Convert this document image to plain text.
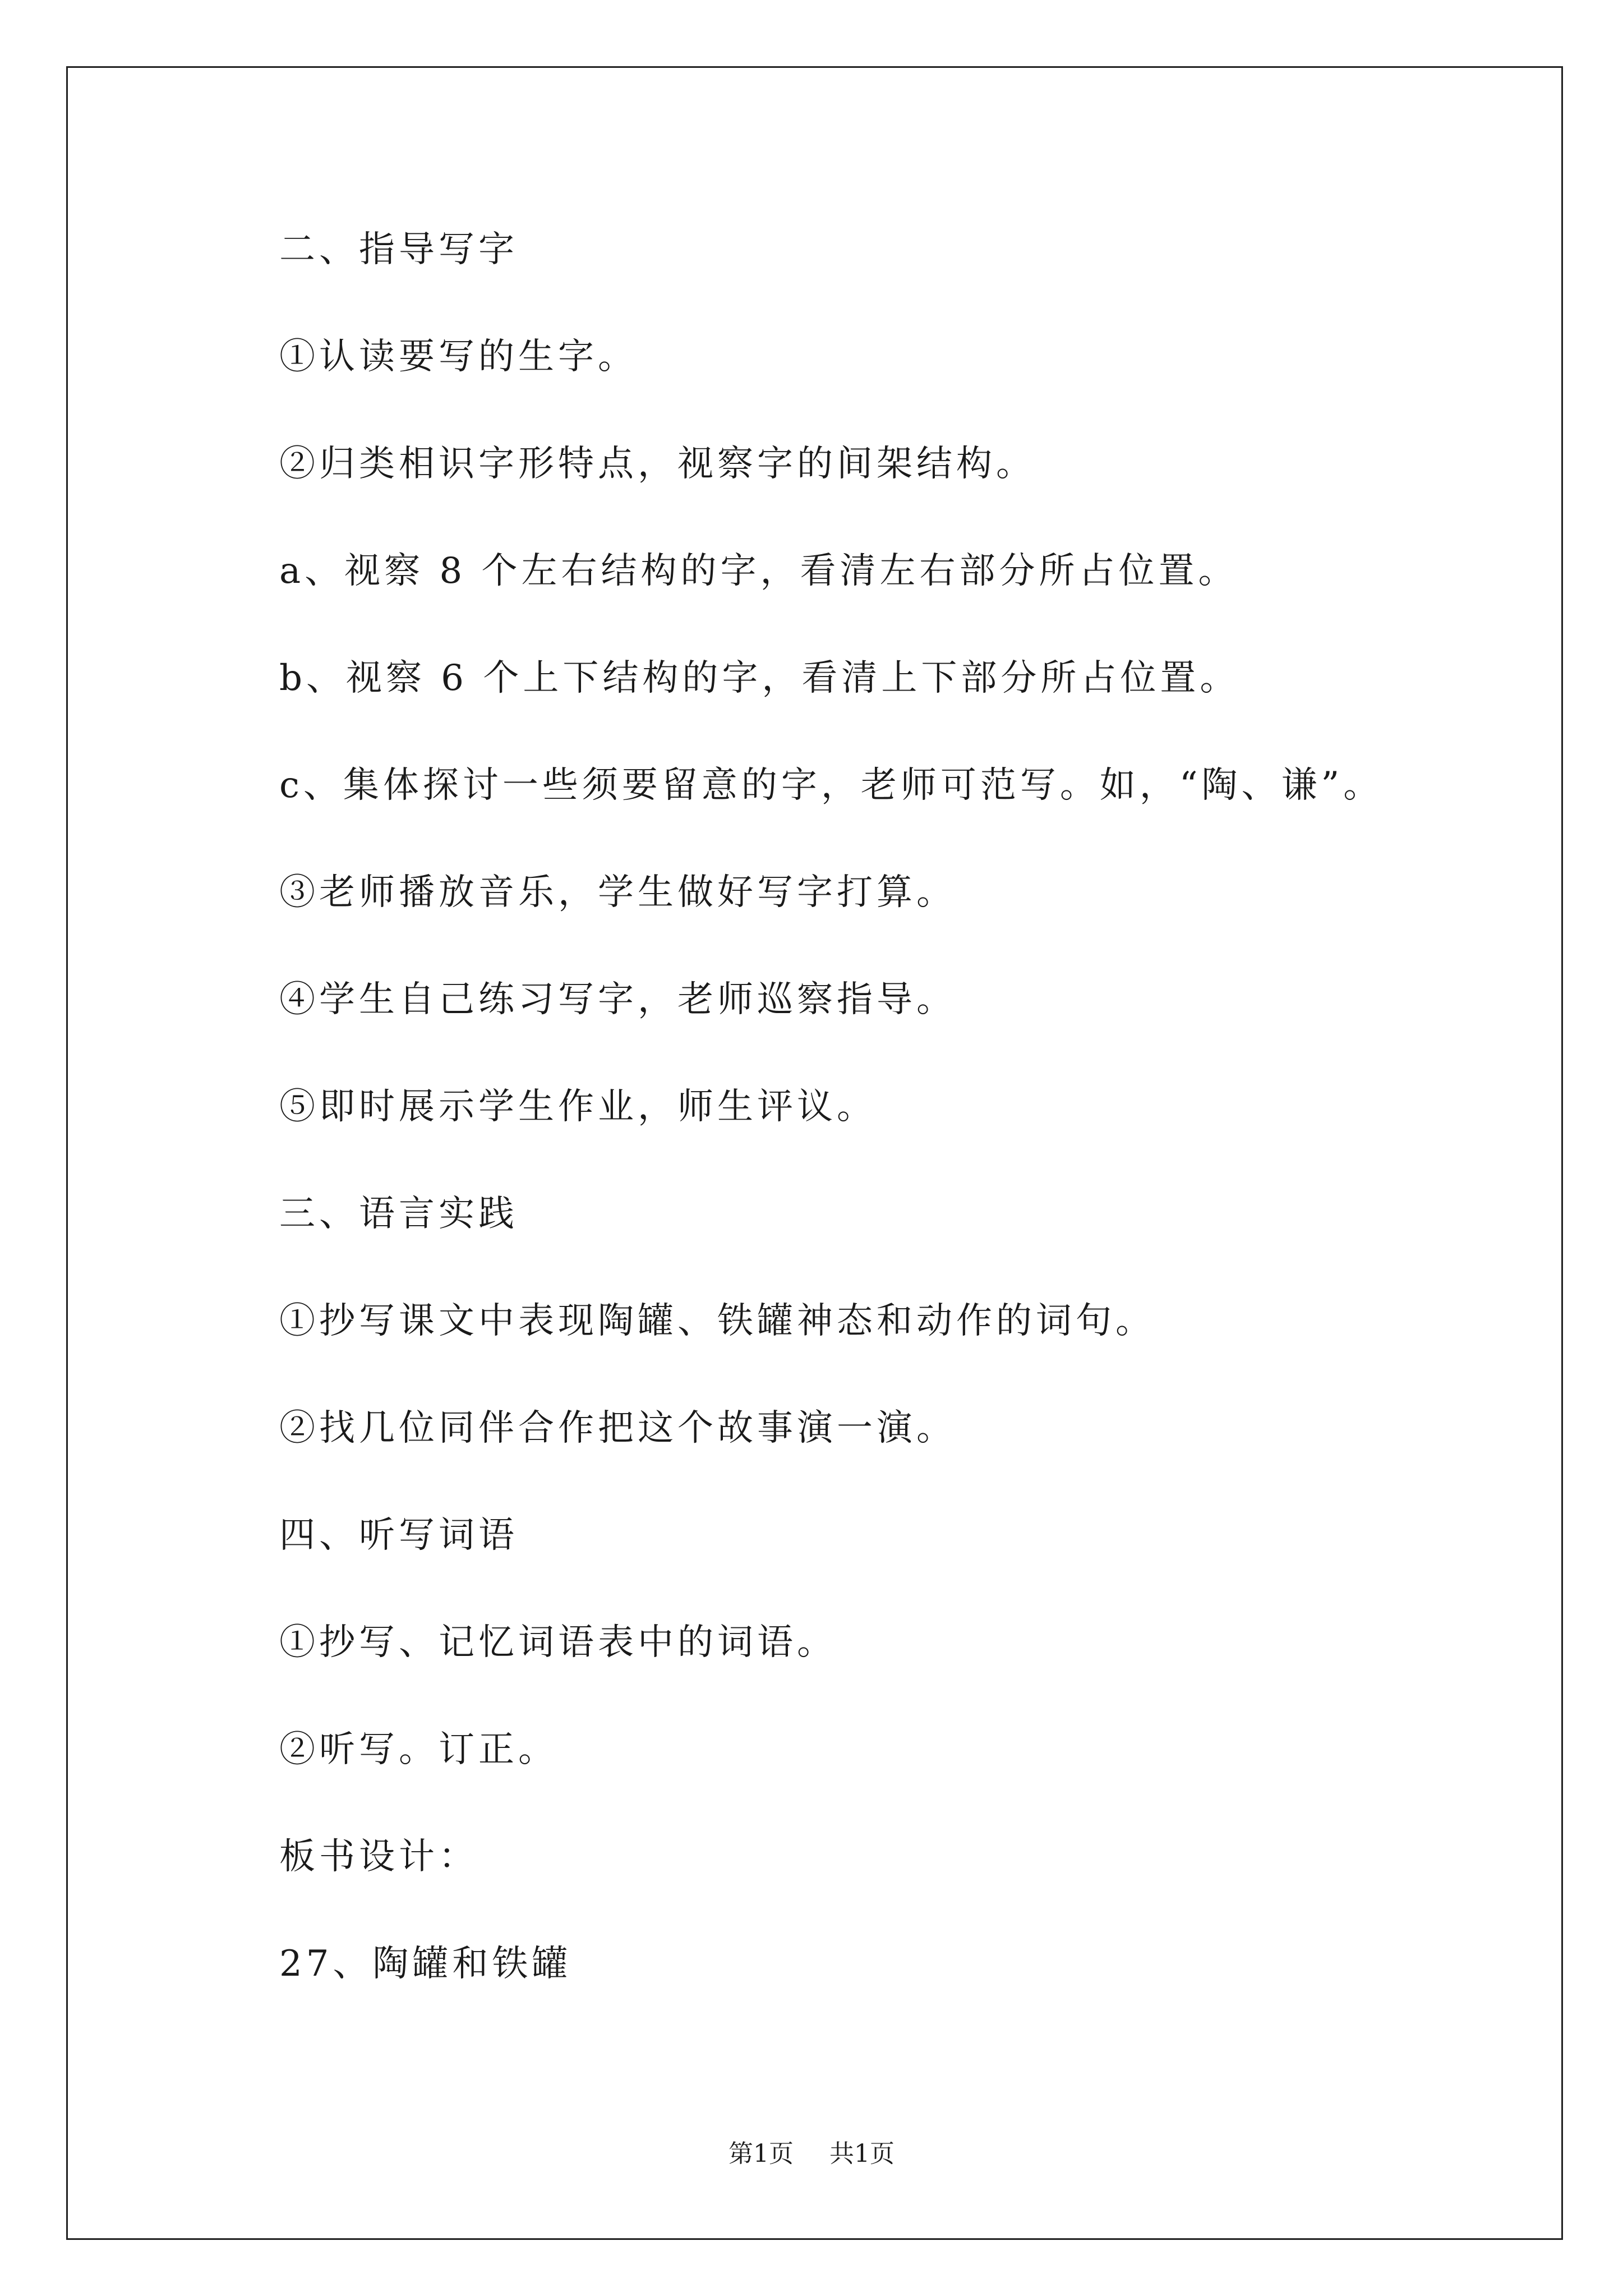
二、指导写字
①认读要写的生字。
②归类相识字形特点，视察字的间架结构。
a、视察 8 个左右结构的字，看清左右部分所占位置。
b、视察 6 个上下结构的字，看清上下部分所占位置。
c、集体探讨一些须要留意的字，老师可范写。如，“陶、谦”。
③老师播放音乐，学生做好写字打算。
④学生自己练习写字，老师巡察指导。
⑤即时展示学生作业，师生评议。
三、语言实践
①抄写课文中表现陶罐、铁罐神态和动作的词句。
②找几位同伴合作把这个故事演一演。
四、听写词语
①抄写、记忆词语表中的词语。
②听写。订正。
板书设计：
27、陶罐和铁罐
第1页 共1页
